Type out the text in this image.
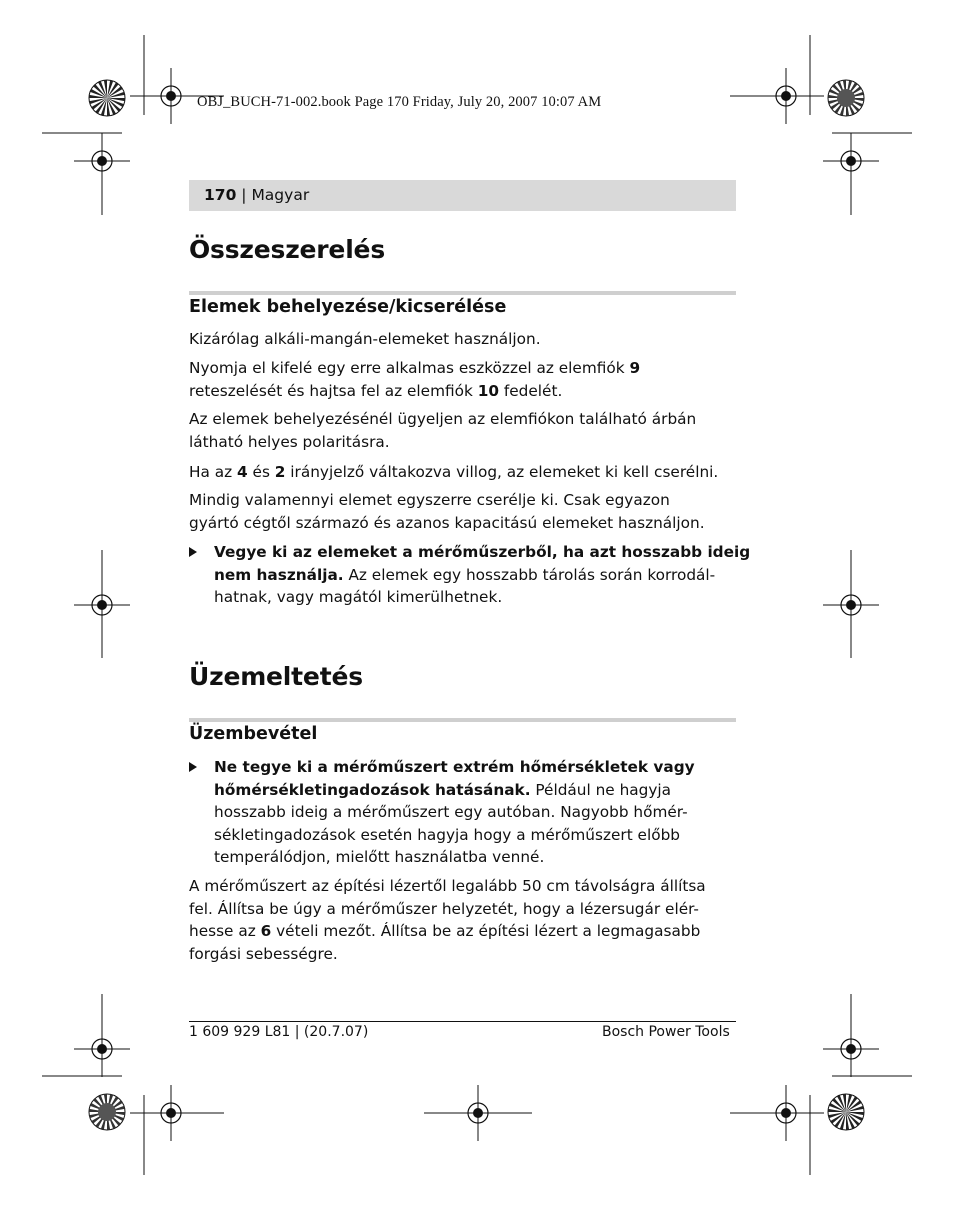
OBJ_BUCH-71-002.book Page 170 Friday, July 20, 2007 10:07 AM
170 | Magyar
Összeszerelés
Elemek behelyezése/kicserélése
Kizárólag alkáli-mangán-elemeket használjon.
Nyomja el kifelé egy erre alkalmas eszközzel az elemfiók 9
reteszelését és hajtsa fel az elemfiók 10 fedelét.
Az elemek behelyezésénél ügyeljen az elemfiókon található árbán
látható helyes polaritásra.
Ha az 4 és 2 irányjelző váltakozva villog, az elemeket ki kell cserélni.
Mindig valamennyi elemet egyszerre cserélje ki. Csak egyazon
gyártó cégtől származó és azanos kapacitású elemeket használjon.
Vegye ki az elemeket a mérőműszerből, ha azt hosszabb ideig
nem használja. Az elemek egy hosszabb tárolás során korrodál-
hatnak, vagy magától kimerülhetnek.
Üzemeltetés
Üzembevétel
Ne tegye ki a mérőműszert extrém hőmérsékletek vagy
hőmérsékletingadozások hatásának. Például ne hagyja
hosszabb ideig a mérőműszert egy autóban. Nagyobb hőmér-
sékletingadozások esetén hagyja hogy a mérőműszert előbb
temperálódjon, mielőtt használatba venné.
A mérőműszert az építési lézertől legalább 50 cm távolságra állítsa
fel. Állítsa be úgy a mérőműszer helyzetét, hogy a lézersugár elér-
hesse az 6 vételi mezőt. Állítsa be az építési lézert a legmagasabb
forgási sebességre.
1 609 929 L81 | (20.7.07)	Bosch Power Tools
